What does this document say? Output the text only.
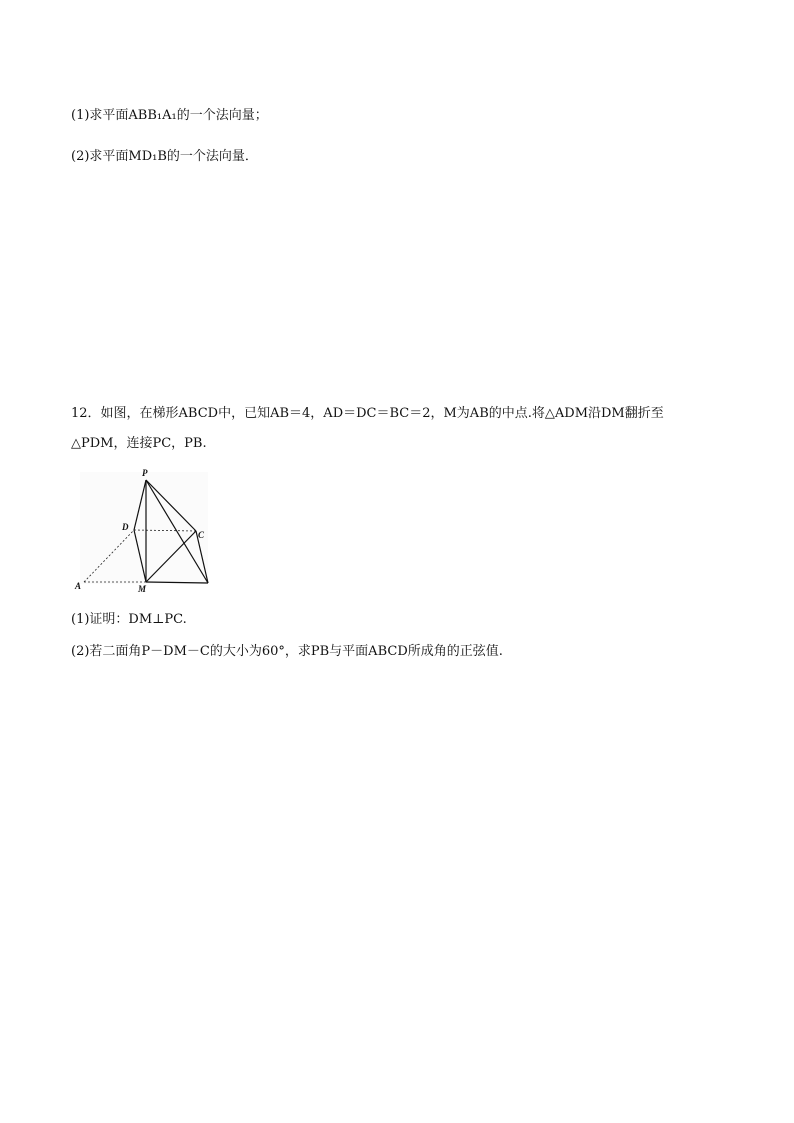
(1)求平面ABB₁A₁的一个法向量；
(2)求平面MD₁B的一个法向量．
12．如图，在梯形ABCD中，已知AB＝4，AD＝DC＝BC＝2，M为AB的中点.将△ADM沿DM翻折至
△PDM，连接PC，PB.
P
D
C
A	M
(1)证明：DM⊥PC.
(2)若二面角P－DM－C的大小为60°，求PB与平面ABCD所成角的正弦值.
